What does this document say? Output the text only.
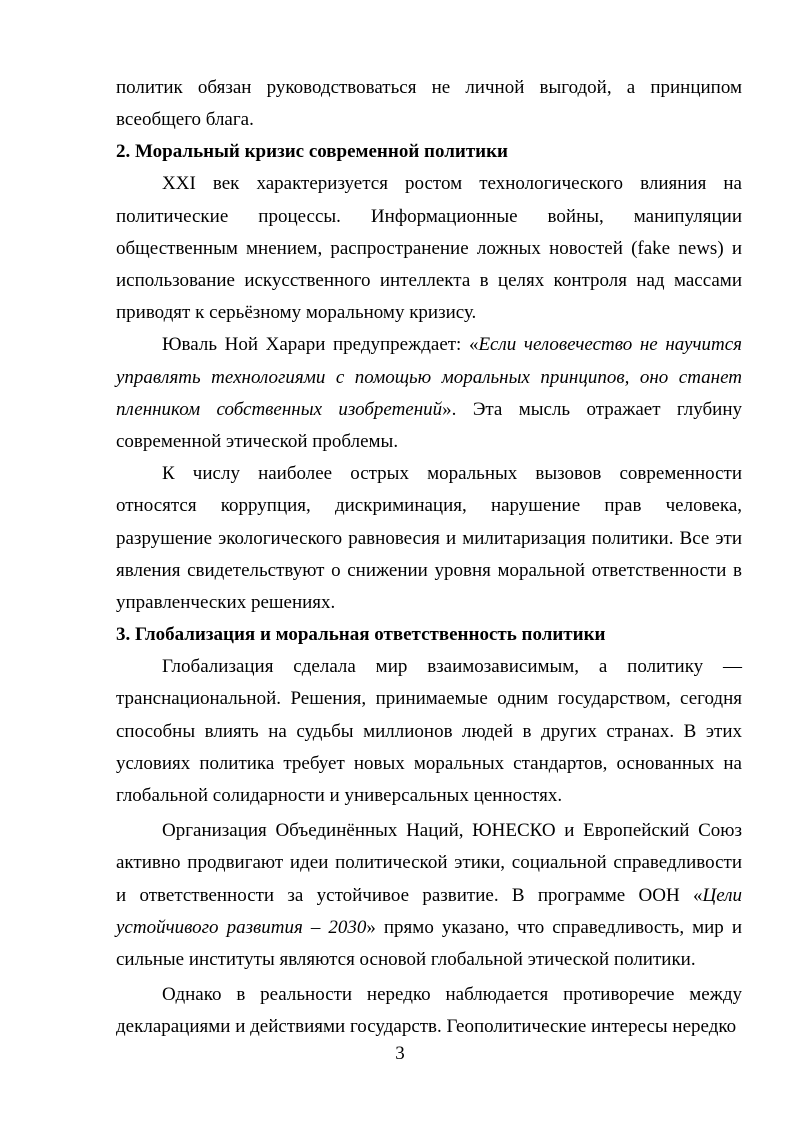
политик обязан руководствоваться не личной выгодой, а принципом всеобщего блага.

2. Моральный кризис современной политики

XXI век характеризуется ростом технологического влияния на политические процессы. Информационные войны, манипуляции общественным мнением, распространение ложных новостей (fake news) и использование искусственного интеллекта в целях контроля над массами приводят к серьёзному моральному кризису.

Юваль Ной Харари предупреждает: «Если человечество не научится управлять технологиями с помощью моральных принципов, оно станет пленником собственных изобретений». Эта мысль отражает глубину современной этической проблемы.

К числу наиболее острых моральных вызовов современности относятся коррупция, дискриминация, нарушение прав человека, разрушение экологического равновесия и милитаризация политики. Все эти явления свидетельствуют о снижении уровня моральной ответственности в управленческих решениях.

3. Глобализация и моральная ответственность политики

Глобализация сделала мир взаимозависимым, а политику — транснациональной. Решения, принимаемые одним государством, сегодня способны влиять на судьбы миллионов людей в других странах. В этих условиях политика требует новых моральных стандартов, основанных на глобальной солидарности и универсальных ценностях.

Организация Объединённых Наций, ЮНЕСКО и Европейский Союз активно продвигают идеи политической этики, социальной справедливости и ответственности за устойчивое развитие. В программе ООН «Цели устойчивого развития – 2030» прямо указано, что справедливость, мир и сильные институты являются основой глобальной этической политики.

Однако в реальности нередко наблюдается противоречие между декларациями и действиями государств. Геополитические интересы нередко

3
